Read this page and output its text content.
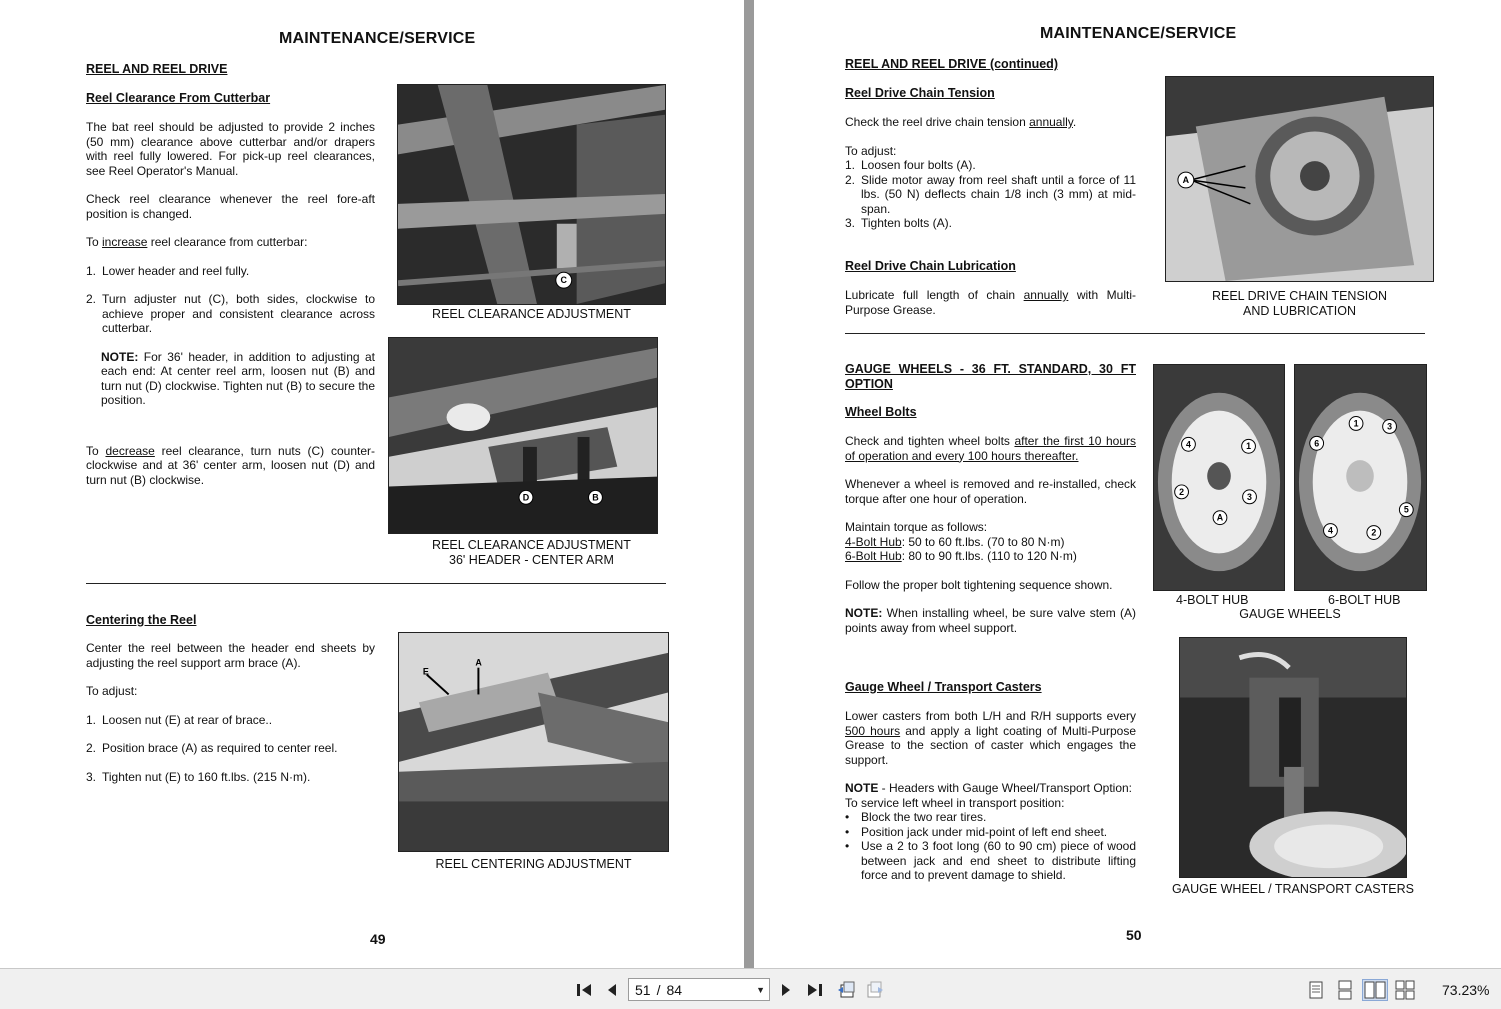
MAINTENANCE/SERVICE
REEL AND REEL DRIVE
Reel Clearance From Cutterbar

The bat reel should be adjusted to provide 2 inches (50 mm) clearance above cutterbar and/or drapers with reel fully lowered. For pick-up reel clearances, see Reel Operator's Manual.

Check reel clearance whenever the reel fore-aft position is changed.

To increase reel clearance from cutterbar:

1. Lower header and reel fully.
2. Turn adjuster nut (C), both sides, clockwise to achieve proper and consistent clearance across cutterbar.

NOTE: For 36' header, in addition to adjusting at each end: At center reel arm, loosen nut (B) and turn nut (D) clockwise. Tighten nut (B) to secure the position.

To decrease reel clearance, turn nuts (C) counter-clockwise and at 36' center arm, loosen nut (D) and turn nut (B) clockwise.

C
REEL CLEARANCE ADJUSTMENT
D	B
REEL CLEARANCE ADJUSTMENT
36' HEADER - CENTER ARM
Centering the Reel

Center the reel between the header end sheets by adjusting the reel support arm brace (A).

To adjust:

1. Loosen nut (E) at rear of brace..
2. Position brace (A) as required to center reel.
3. Tighten nut (E) to 160 ft.lbs. (215 N·m).
E
A
REEL CENTERING ADJUSTMENT
49
MAINTENANCE/SERVICE
REEL AND REEL DRIVE (continued)
Reel Drive Chain Tension

Check the reel drive chain tension annually.

To adjust:
1. Loosen four bolts (A).
2. Slide motor away from reel shaft until a force of 11 lbs. (50 N) deflects chain 1/8 inch (3 mm) at mid-span.
3. Tighten bolts (A).
Reel Drive Chain Lubrication

Lubricate full length of chain annually with Multi-Purpose Grease.

A
REEL DRIVE CHAIN TENSION
AND LUBRICATION
GAUGE WHEELS - 36 FT. STANDARD, 30 FT
OPTION
Wheel Bolts

Check and tighten wheel bolts after the first 10 hours of operation and every 100 hours thereafter.

Whenever a wheel is removed and re-installed, check torque after one hour of operation.

Maintain torque as follows:
4-Bolt Hub: 50 to 60 ft.lbs. (70 to 80 N·m)
6-Bolt Hub: 80 to 90 ft.lbs. (110 to 120 N·m)

Follow the proper bolt tightening sequence shown.

NOTE: When installing wheel, be sure valve stem (A) points away from wheel support.

4	1
2	3
A
1	3
6
5
4	2
4-BOLT HUB	6-BOLT HUB
GAUGE WHEELS
Gauge Wheel / Transport Casters

Lower casters from both L/H and R/H supports every 500 hours and apply a light coating of Multi-Purpose Grease to the section of caster which engages the support.

NOTE - Headers with Gauge Wheel/Transport Option:
To service left wheel in transport position:
• Block the two rear tires.
• Position jack under mid-point of left end sheet.
• Use a 2 to 3 foot long (60 to 90 cm) piece of wood between jack and end sheet to distribute lifting force and to prevent damage to shield.
GAUGE WHEEL / TRANSPORT CASTERS
50
51 / 84	▼	73.23%
